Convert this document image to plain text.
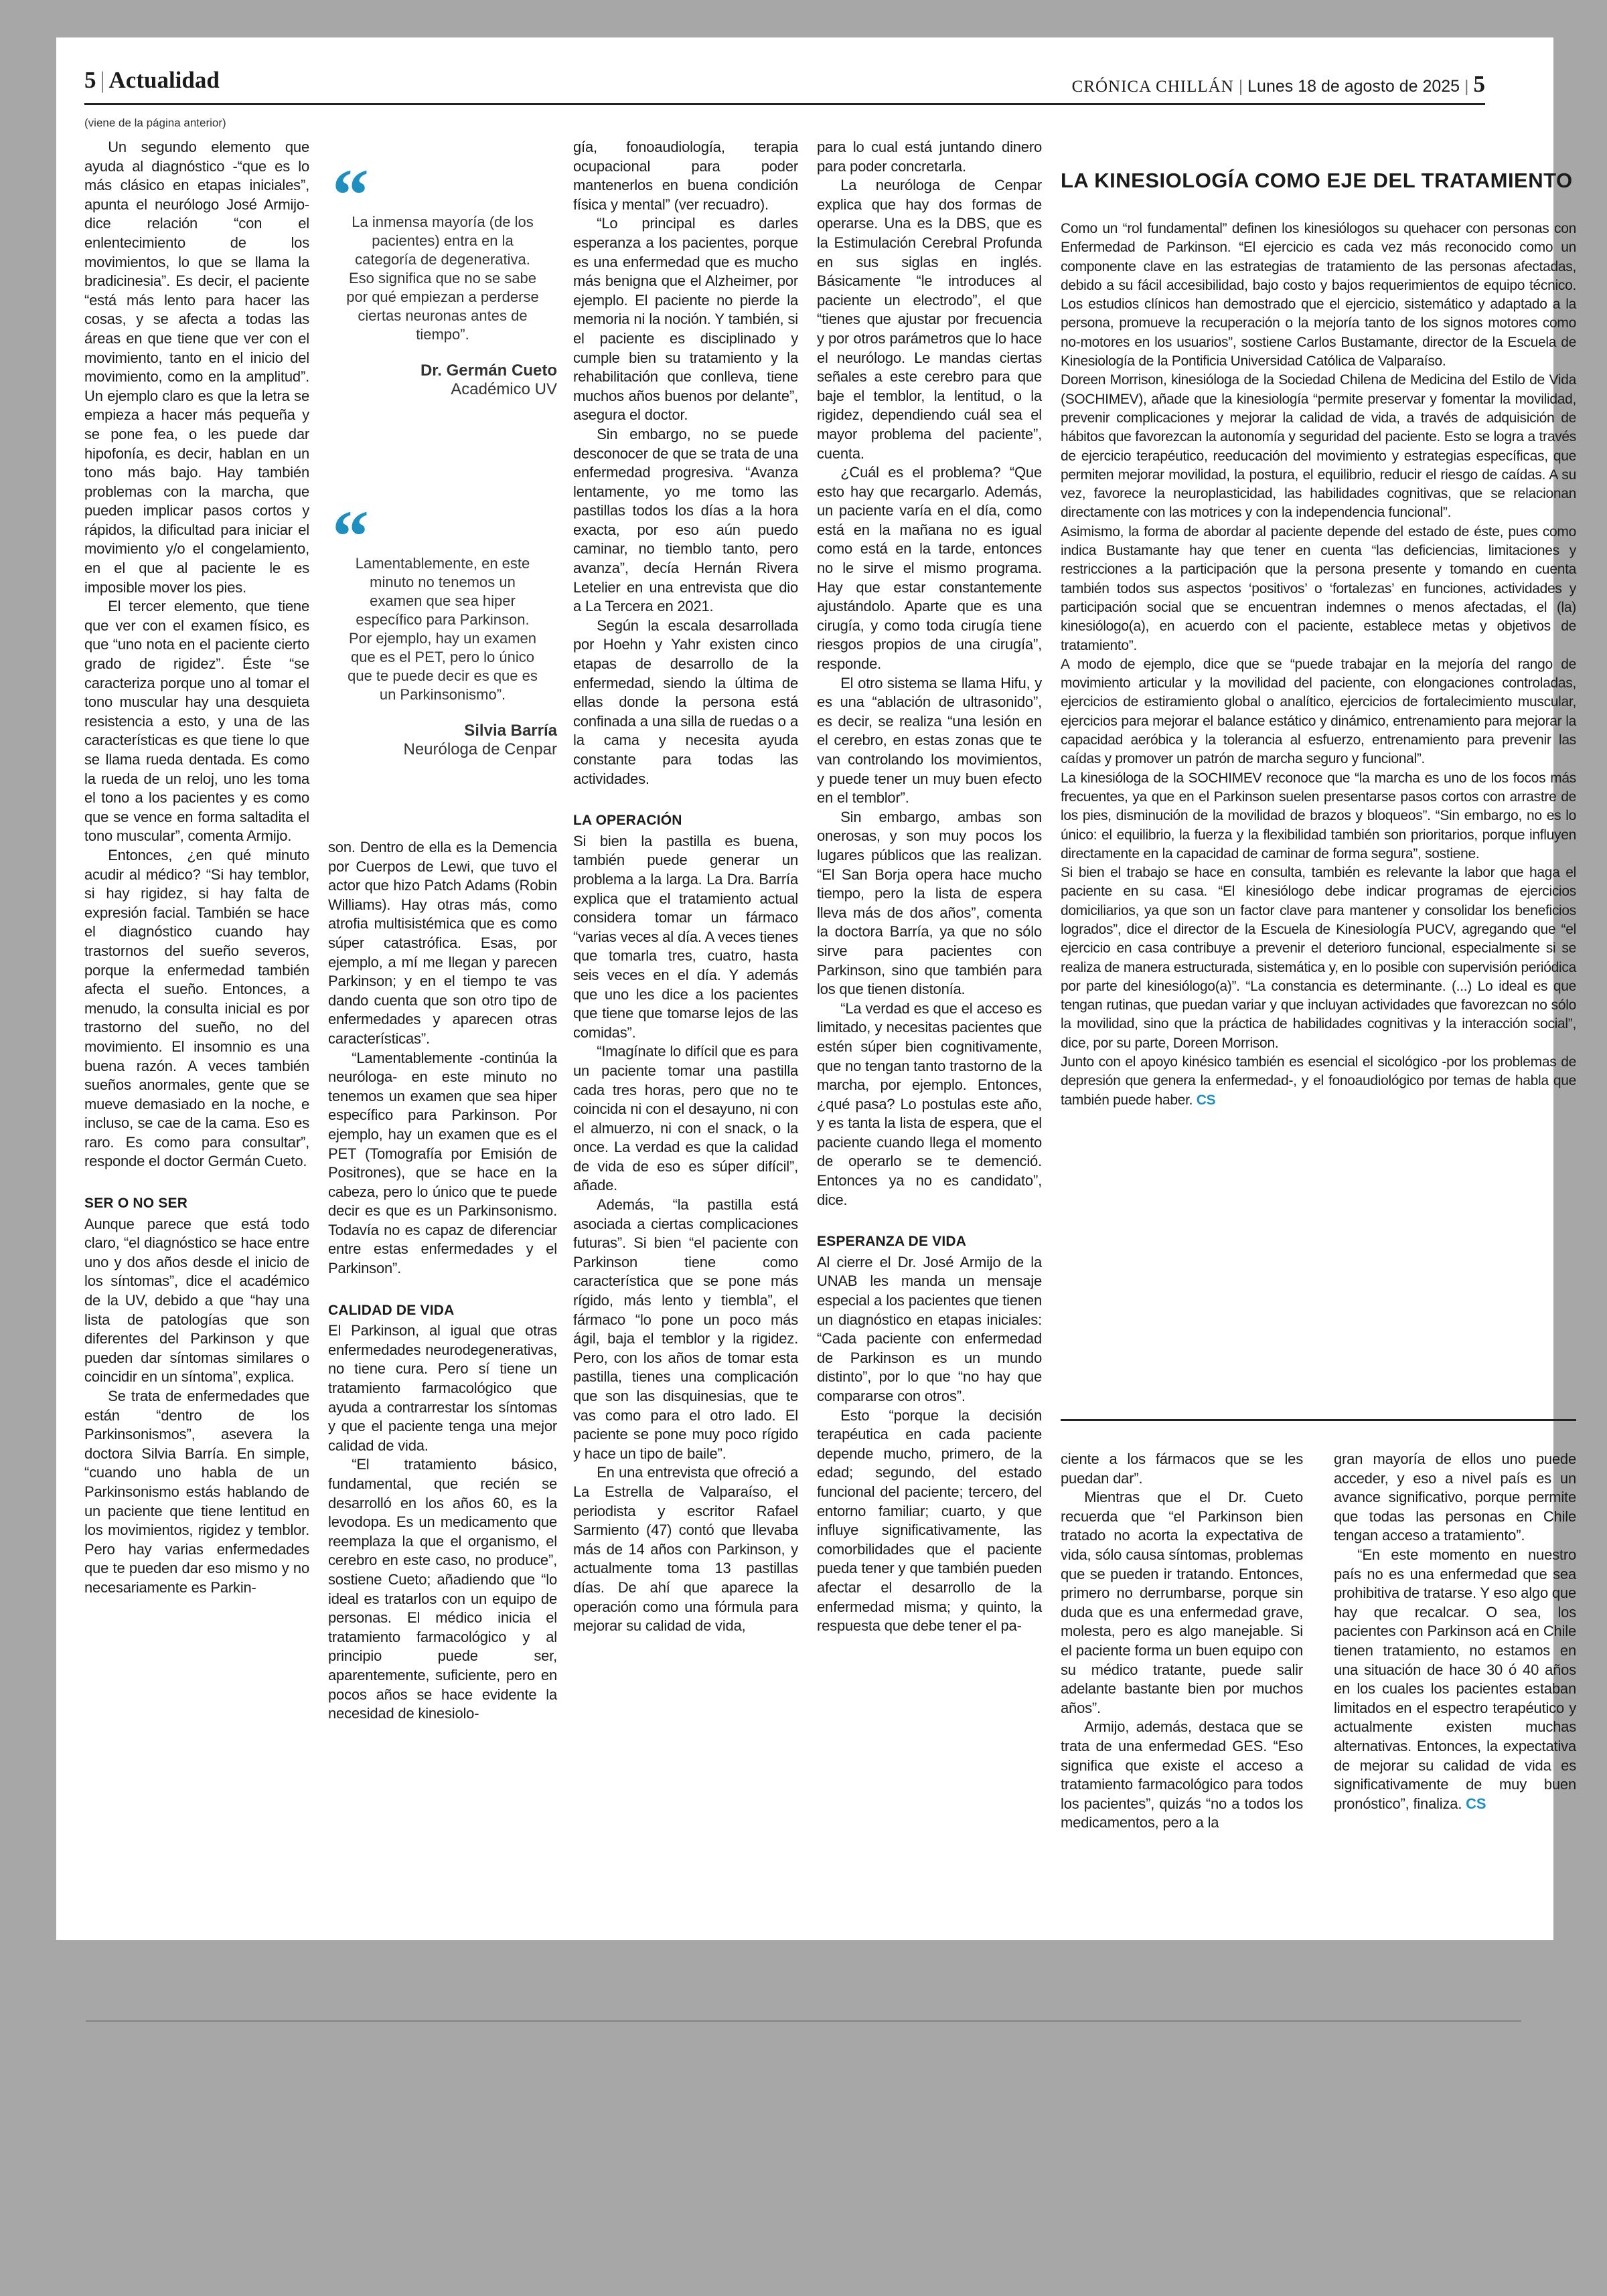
5 | Actualidad	CRÓNICA CHILLÁN | Lunes 18 de agosto de 2025 | 5
(viene de la página anterior)

Un segundo elemento que ayuda al diagnóstico -“que es lo más clásico en etapas iniciales”, apunta el neurólogo José Armijo- dice relación “con el enlentecimiento de los movimientos, lo que se llama la bradicinesia”. Es decir, el paciente “está más lento para hacer las cosas, y se afecta a todas las áreas en que tiene que ver con el movimiento, tanto en el inicio del movimiento, como en la amplitud”. Un ejemplo claro es que la letra se empieza a hacer más pequeña y se pone fea, o les puede dar hipofonía, es decir, hablan en un tono más bajo. Hay también problemas con la marcha, que pueden implicar pasos cortos y rápidos, la dificultad para iniciar el movimiento y/o el congelamiento, en el que al paciente le es imposible mover los pies.

El tercer elemento, que tiene que ver con el examen físico, es que “uno nota en el paciente cierto grado de rigidez”. Éste “se caracteriza porque uno al tomar el tono muscular hay una desquieta resistencia a esto, y una de las características es que tiene lo que se llama rueda dentada. Es como la rueda de un reloj, uno les toma el tono a los pacientes y es como que se vence en forma saltadita el tono muscular”, comenta Armijo.

Entonces, ¿en qué minuto acudir al médico? “Si hay temblor, si hay rigidez, si hay falta de expresión facial. También se hace el diagnóstico cuando hay trastornos del sueño severos, porque la enfermedad también afecta el sueño. Entonces, a menudo, la consulta inicial es por trastorno del sueño, no del movimiento. El insomnio es una buena razón. A veces también sueños anormales, gente que se mueve demasiado en la noche, e incluso, se cae de la cama. Eso es raro. Es como para consultar”, responde el doctor Germán Cueto.

SER O NO SER

Aunque parece que está todo claro, “el diagnóstico se hace entre uno y dos años desde el inicio de los síntomas”, dice el académico de la UV, debido a que “hay una lista de patologías que son diferentes del Parkinson y que pueden dar síntomas similares o coincidir en un síntoma”, explica.

Se trata de enfermedades que están “dentro de los Parkinsonismos”, asevera la doctora Silvia Barría. En simple, “cuando uno habla de un Parkinsonismo estás hablando de un paciente que tiene lentitud en los movimientos, rigidez y temblor. Pero hay varias enfermedades que te pueden dar eso mismo y no necesariamente es Parkin-

“
La inmensa mayoría (de los pacientes) entra en la categoría de degenerativa. Eso significa que no se sabe por qué empiezan a perderse ciertas neuronas antes de tiempo”.
Dr. Germán Cueto
Académico UV
“
Lamentablemente, en este minuto no tenemos un examen que sea hiper específico para Parkinson. Por ejemplo, hay un examen que es el PET, pero lo único que te puede decir es que es un Parkinsonismo”.
Silvia Barría
Neuróloga de Cenpar

son. Dentro de ella es la Demencia por Cuerpos de Lewi, que tuvo el actor que hizo Patch Adams (Robin Williams). Hay otras más, como atrofia multisistémica que es como súper catastrófica. Esas, por ejemplo, a mí me llegan y parecen Parkinson; y en el tiempo te vas dando cuenta que son otro tipo de enfermedades y aparecen otras características”.

“Lamentablemente -continúa la neuróloga- en este minuto no tenemos un examen que sea hiper específico para Parkinson. Por ejemplo, hay un examen que es el PET (Tomografía por Emisión de Positrones), que se hace en la cabeza, pero lo único que te puede decir es que es un Parkinsonismo. Todavía no es capaz de diferenciar entre estas enfermedades y el Parkinson”.

CALIDAD DE VIDA

El Parkinson, al igual que otras enfermedades neurodegenerativas, no tiene cura. Pero sí tiene un tratamiento farmacológico que ayuda a contrarrestar los síntomas y que el paciente tenga una mejor calidad de vida.

“El tratamiento básico, fundamental, que recién se desarrolló en los años 60, es la levodopa. Es un medicamento que reemplaza la que el organismo, el cerebro en este caso, no produce”, sostiene Cueto; añadiendo que “lo ideal es tratarlos con un equipo de personas. El médico inicia el tratamiento farmacológico y al principio puede ser, aparentemente, suficiente, pero en pocos años se hace evidente la necesidad de kinesiolo-

gía, fonoaudiología, terapia ocupacional para poder mantenerlos en buena condición física y mental” (ver recuadro).

“Lo principal es darles esperanza a los pacientes, porque es una enfermedad que es mucho más benigna que el Alzheimer, por ejemplo. El paciente no pierde la memoria ni la noción. Y también, si el paciente es disciplinado y cumple bien su tratamiento y la rehabilitación que conlleva, tiene muchos años buenos por delante”, asegura el doctor.

Sin embargo, no se puede desconocer de que se trata de una enfermedad progresiva. “Avanza lentamente, yo me tomo las pastillas todos los días a la hora exacta, por eso aún puedo caminar, no tiemblo tanto, pero avanza”, decía Hernán Rivera Letelier en una entrevista que dio a La Tercera en 2021.

Según la escala desarrollada por Hoehn y Yahr existen cinco etapas de desarrollo de la enfermedad, siendo la última de ellas donde la persona está confinada a una silla de ruedas o a la cama y necesita ayuda constante para todas las actividades.

LA OPERACIÓN

Si bien la pastilla es buena, también puede generar un problema a la larga. La Dra. Barría explica que el tratamiento actual considera tomar un fármaco “varias veces al día. A veces tienes que tomarla tres, cuatro, hasta seis veces en el día. Y además que uno les dice a los pacientes que tiene que tomarse lejos de las comidas”.

“Imagínate lo difícil que es para un paciente tomar una pastilla cada tres horas, pero que no te coincida ni con el desayuno, ni con el almuerzo, ni con el snack, o la once. La verdad es que la calidad de vida de eso es súper difícil”, añade.

Además, “la pastilla está asociada a ciertas complicaciones futuras”. Si bien “el paciente con Parkinson tiene como característica que se pone más rígido, más lento y tiembla”, el fármaco “lo pone un poco más ágil, baja el temblor y la rigidez. Pero, con los años de tomar esta pastilla, tienes una complicación que son las disquinesias, que te vas como para el otro lado. El paciente se pone muy poco rígido y hace un tipo de baile”.

En una entrevista que ofreció a La Estrella de Valparaíso, el periodista y escritor Rafael Sarmiento (47) contó que llevaba más de 14 años con Parkinson, y actualmente toma 13 pastillas días. De ahí que aparece la operación como una fórmula para mejorar su calidad de vida,

para lo cual está juntando dinero para poder concretarla.

La neuróloga de Cenpar explica que hay dos formas de operarse. Una es la DBS, que es la Estimulación Cerebral Profunda en sus siglas en inglés. Básicamente “le introduces al paciente un electrodo”, el que “tienes que ajustar por frecuencia y por otros parámetros que lo hace el neurólogo. Le mandas ciertas señales a este cerebro para que baje el temblor, la lentitud, o la rigidez, dependiendo cuál sea el mayor problema del paciente”, cuenta.

¿Cuál es el problema? “Que esto hay que recargarlo. Además, un paciente varía en el día, como está en la mañana no es igual como está en la tarde, entonces no le sirve el mismo programa. Hay que estar constantemente ajustándolo. Aparte que es una cirugía, y como toda cirugía tiene riesgos propios de una cirugía”, responde.

El otro sistema se llama Hifu, y es una “ablación de ultrasonido”, es decir, se realiza “una lesión en el cerebro, en estas zonas que te van controlando los movimientos, y puede tener un muy buen efecto en el temblor”.

Sin embargo, ambas son onerosas, y son muy pocos los lugares públicos que las realizan. “El San Borja opera hace mucho tiempo, pero la lista de espera lleva más de dos años”, comenta la doctora Barría, ya que no sólo sirve para pacientes con Parkinson, sino que también para los que tienen distonía.

“La verdad es que el acceso es limitado, y necesitas pacientes que estén súper bien cognitivamente, que no tengan tanto trastorno de la marcha, por ejemplo. Entonces, ¿qué pasa? Lo postulas este año, y es tanta la lista de espera, que el paciente cuando llega el momento de operarlo se te demenció. Entonces ya no es candidato”, dice.

ESPERANZA DE VIDA

Al cierre el Dr. José Armijo de la UNAB les manda un mensaje especial a los pacientes que tienen un diagnóstico en etapas iniciales: “Cada paciente con enfermedad de Parkinson es un mundo distinto”, por lo que “no hay que compararse con otros”.

Esto “porque la decisión terapéutica en cada paciente depende mucho, primero, de la edad; segundo, del estado funcional del paciente; tercero, del entorno familiar; cuarto, y que influye significativamente, las comorbilidades que el paciente pueda tener y que también pueden afectar el desarrollo de la enfermedad misma; y quinto, la respuesta que debe tener el pa-

LA KINESIOLOGÍA COMO EJE DEL TRATAMIENTO

Como un “rol fundamental” definen los kinesiólogos su quehacer con personas con Enfermedad de Parkinson. “El ejercicio es cada vez más reconocido como un componente clave en las estrategias de tratamiento de las personas afectadas, debido a su fácil accesibilidad, bajo costo y bajos requerimientos de equipo técnico. Los estudios clínicos han demostrado que el ejercicio, sistemático y adaptado a la persona, promueve la recuperación o la mejoría tanto de los signos motores como no-motores en los usuarios”, sostiene Carlos Bustamante, director de la Escuela de Kinesiología de la Pontificia Universidad Católica de Valparaíso.

Doreen Morrison, kinesióloga de la Sociedad Chilena de Medicina del Estilo de Vida (SOCHIMEV), añade que la kinesiología “permite preservar y fomentar la movilidad, prevenir complicaciones y mejorar la calidad de vida, a través de adquisición de hábitos que favorezcan la autonomía y seguridad del paciente. Esto se logra a través de ejercicio terapéutico, reeducación del movimiento y estrategias específicas, que permiten mejorar movilidad, la postura, el equilibrio, reducir el riesgo de caídas. A su vez, favorece la neuroplasticidad, las habilidades cognitivas, que se relacionan directamente con las motrices y con la independencia funcional”.

Asimismo, la forma de abordar al paciente depende del estado de éste, pues como indica Bustamante hay que tener en cuenta “las deficiencias, limitaciones y restricciones a la participación que la persona presente y tomando en cuenta también todos sus aspectos ‘positivos’ o ‘fortalezas’ en funciones, actividades y participación social que se encuentran indemnes o menos afectadas, el (la) kinesiólogo(a), en acuerdo con el paciente, establece metas y objetivos de tratamiento”.

A modo de ejemplo, dice que se “puede trabajar en la mejoría del rango de movimiento articular y la movilidad del paciente, con elongaciones controladas, ejercicios de estiramiento global o analítico, ejercicios de fortalecimiento muscular, ejercicios para mejorar el balance estático y dinámico, entrenamiento para mejorar la capacidad aeróbica y la tolerancia al esfuerzo, entrenamiento para prevenir las caídas y promover un patrón de marcha seguro y funcional”.

La kinesióloga de la SOCHIMEV reconoce que “la marcha es uno de los focos más frecuentes, ya que en el Parkinson suelen presentarse pasos cortos con arrastre de los pies, disminución de la movilidad de brazos y bloqueos”. “Sin embargo, no es lo único: el equilibrio, la fuerza y la flexibilidad también son prioritarios, porque influyen directamente en la capacidad de caminar de forma segura”, sostiene.

Si bien el trabajo se hace en consulta, también es relevante la labor que haga el paciente en su casa. “El kinesiólogo debe indicar programas de ejercicios domiciliarios, ya que son un factor clave para mantener y consolidar los beneficios logrados”, dice el director de la Escuela de Kinesiología PUCV, agregando que “el ejercicio en casa contribuye a prevenir el deterioro funcional, especialmente si se realiza de manera estructurada, sistemática y, en lo posible con supervisión periódica por parte del kinesiólogo(a)”. “La constancia es determinante. (...) Lo ideal es que tengan rutinas, que puedan variar y que incluyan actividades que favorezcan no sólo la movilidad, sino que la práctica de habilidades cognitivas y la interacción social”, dice, por su parte, Doreen Morrison.

Junto con el apoyo kinésico también es esencial el sicológico -por los problemas de depresión que genera la enfermedad-, y el fonoaudiológico por temas de habla que también puede haber. CS

ciente a los fármacos que se les puedan dar”.

Mientras que el Dr. Cueto recuerda que “el Parkinson bien tratado no acorta la expectativa de vida, sólo causa síntomas, problemas que se pueden ir tratando. Entonces, primero no derrumbarse, porque sin duda que es una enfermedad grave, molesta, pero es algo manejable. Si el paciente forma un buen equipo con su médico tratante, puede salir adelante bastante bien por muchos años”.

Armijo, además, destaca que se trata de una enfermedad GES. “Eso significa que existe el acceso a tratamiento farmacológico para todos los pacientes”, quizás “no a todos los medicamentos, pero a la

gran mayoría de ellos uno puede acceder, y eso a nivel país es un avance significativo, porque permite que todas las personas en Chile tengan acceso a tratamiento”.

“En este momento en nuestro país no es una enfermedad que sea prohibitiva de tratarse. Y eso algo que hay que recalcar. O sea, los pacientes con Parkinson acá en Chile tienen tratamiento, no estamos en una situación de hace 30 ó 40 años en los cuales los pacientes estaban limitados en el espectro terapéutico y actualmente existen muchas alternativas. Entonces, la expectativa de mejorar su calidad de vida es significativamente de muy buen pronóstico”, finaliza. CS
